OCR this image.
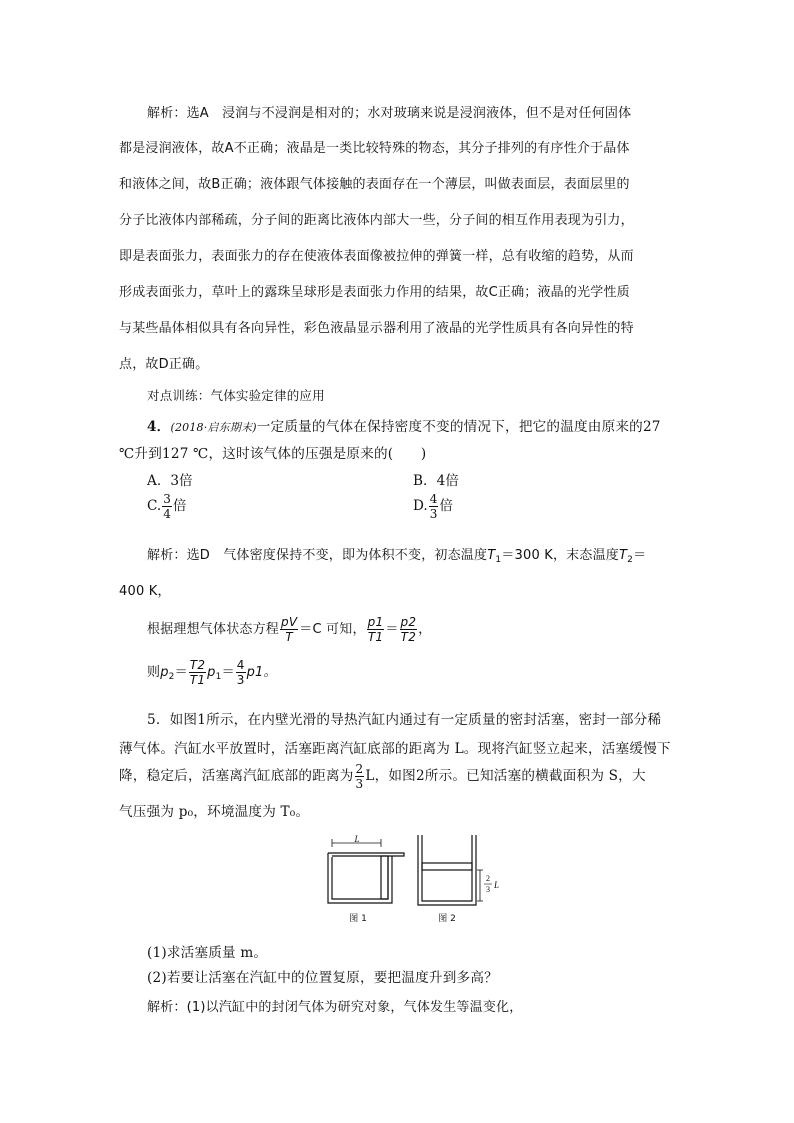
解析：选A　浸润与不浸润是相对的；水对玻璃来说是浸润液体，但不是对任何固体
都是浸润液体，故A不正确；液晶是一类比较特殊的物态，其分子排列的有序性介于晶体
和液体之间，故B正确；液体跟气体接触的表面存在一个薄层，叫做表面层，表面层里的
分子比液体内部稀疏，分子间的距离比液体内部大一些，分子间的相互作用表现为引力，
即是表面张力，表面张力的存在使液体表面像被拉伸的弹簧一样，总有收缩的趋势，从而
形成表面张力，草叶上的露珠呈球形是表面张力作用的结果，故C正确；液晶的光学性质
与某些晶体相似具有各向异性，彩色液晶显示器利用了液晶的光学性质具有各向异性的特
点，故D正确。
对点训练：气体实验定律的应用
4．(2018·启东期末)一定质量的气体在保持密度不变的情况下，把它的温度由原来的27
℃升到127 ℃，这时该气体的压强是原来的(　　)
A．3倍	B．4倍
C. $\frac{3}{4}$ 倍	D. $\frac{4}{3}$ 倍
解析：选D　气体密度保持不变，即为体积不变，初态温度$T_1=300$ K，末态温度$T_2=$
400 K，
根据理想气体状态方程 $\frac{pV}{T} =C$ 可知， $\frac{p1}{T1} = \frac{p2}{T2}$ ，
则$p_2= \frac{T2}{T1} p_1= \frac{4}{3} p1$。
5．如图1所示，在内壁光滑的导热汽缸内通过有一定质量的密封活塞，密封一部分稀
薄气体。汽缸水平放置时，活塞距离汽缸底部的距离为 L。现将汽缸竖立起来，活塞缓慢下
降，稳定后，活塞离汽缸底部的距离为 $\frac{2}{3}$ L，如图2所示。已知活塞的横截面积为 S，大
气压强为 p₀，环境温度为 T₀。
L
2
3 L
图 1	图 2
(1)求活塞质量 m。
(2)若要让活塞在汽缸中的位置复原，要把温度升到多高？
解析：(1)以汽缸中的封闭气体为研究对象，气体发生等温变化，
